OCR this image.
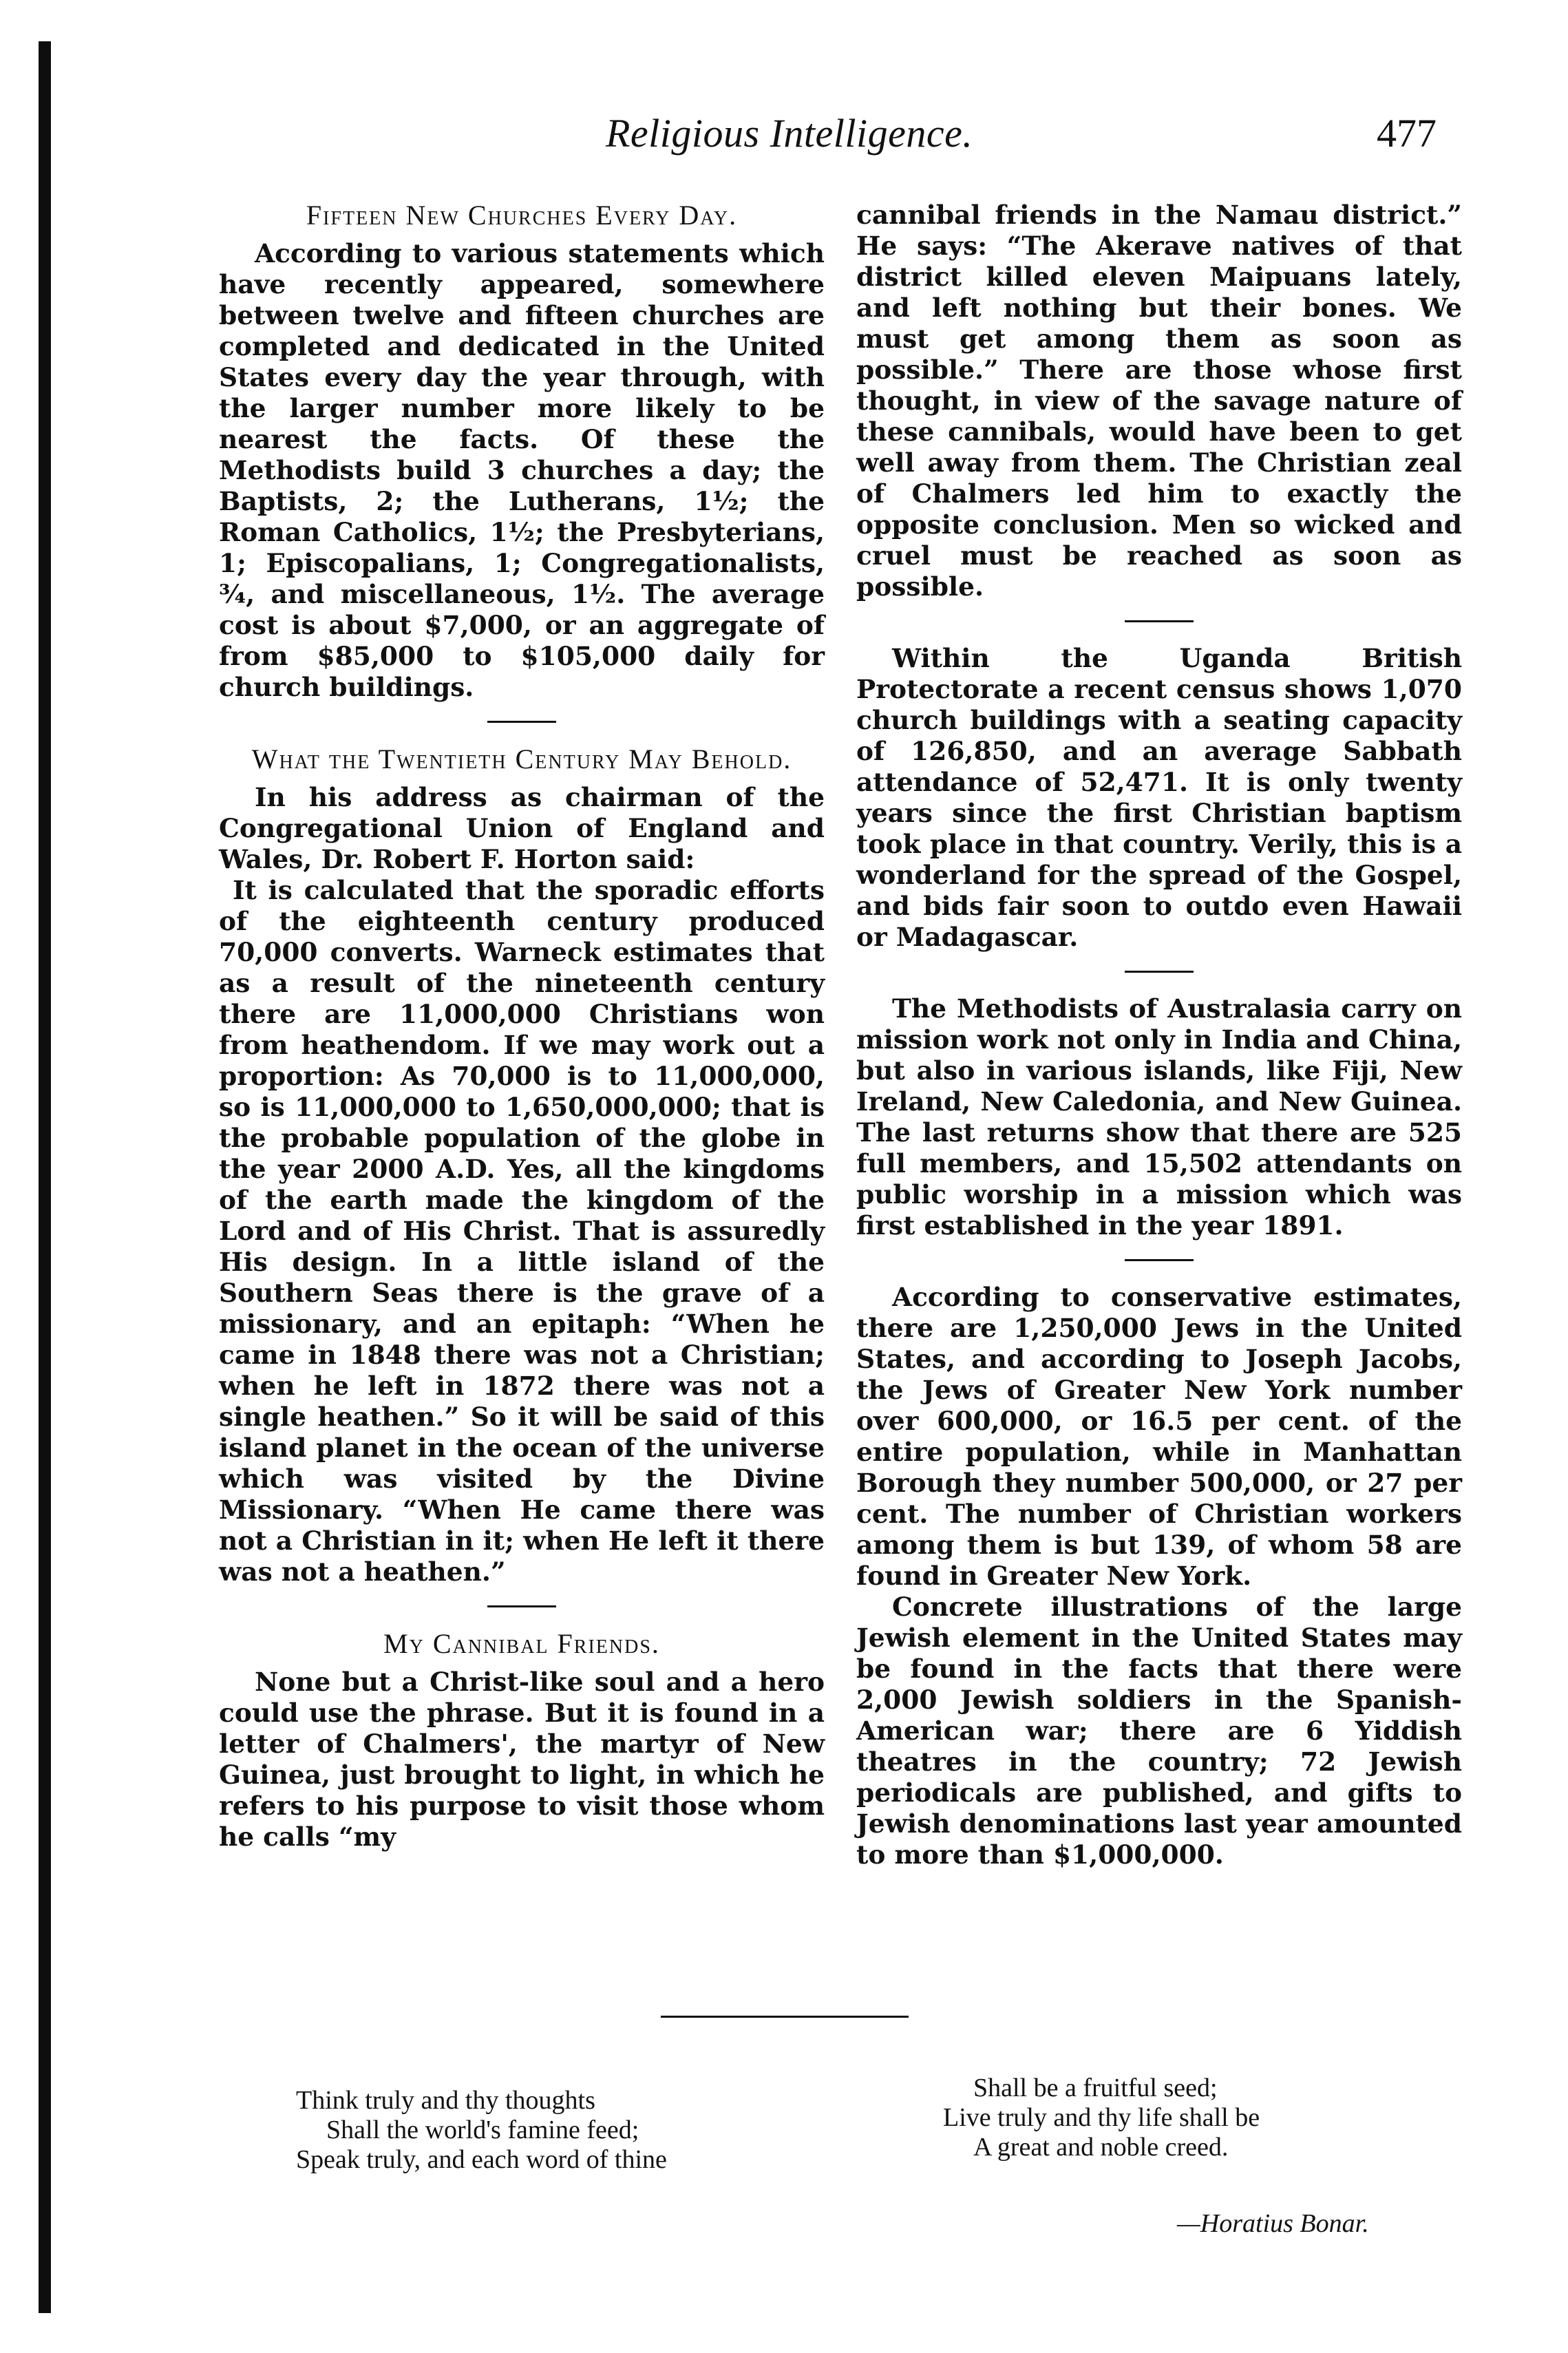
Religious Intelligence.	477
Fifteen New Churches Every Day.

According to various statements which have recently appeared, somewhere between twelve and fifteen churches are completed and dedicated in the United States every day the year through, with the larger number more likely to be nearest the facts. Of these the Methodists build 3 churches a day; the Baptists, 2; the Lutherans, 1½; the Roman Catholics, 1½; the Presbyterians, 1; Episcopalians, 1; Congregationalists, ¾, and miscellaneous, 1½. The average cost is about $7,000, or an aggregate of from $85,000 to $105,000 daily for church buildings.

What the Twentieth Century May Behold.

In his address as chairman of the Congregational Union of England and Wales, Dr. Robert F. Horton said:

It is calculated that the sporadic efforts of the eighteenth century produced 70,000 converts. Warneck estimates that as a result of the nineteenth century there are 11,000,000 Christians won from heathendom. If we may work out a proportion: As 70,000 is to 11,000,000, so is 11,000,000 to 1,650,000,000; that is the probable population of the globe in the year 2000 A.D. Yes, all the kingdoms of the earth made the kingdom of the Lord and of His Christ. That is assuredly His design. In a little island of the Southern Seas there is the grave of a missionary, and an epitaph: “When he came in 1848 there was not a Christian; when he left in 1872 there was not a single heathen.” So it will be said of this island planet in the ocean of the universe which was visited by the Divine Missionary. “When He came there was not a Christian in it; when He left it there was not a heathen.”

My Cannibal Friends.

None but a Christ-like soul and a hero could use the phrase. But it is found in a letter of Chalmers', the martyr of New Guinea, just brought to light, in which he refers to his purpose to visit those whom he calls “my

cannibal friends in the Namau district.” He says: “The Akerave natives of that district killed eleven Maipuans lately, and left nothing but their bones. We must get among them as soon as possible.” There are those whose first thought, in view of the savage nature of these cannibals, would have been to get well away from them. The Christian zeal of Chalmers led him to exactly the opposite conclusion. Men so wicked and cruel must be reached as soon as possible.

Within the Uganda British Protectorate a recent census shows 1,070 church buildings with a seating capacity of 126,850, and an average Sabbath attendance of 52,471. It is only twenty years since the first Christian baptism took place in that country. Verily, this is a wonderland for the spread of the Gospel, and bids fair soon to outdo even Hawaii or Madagascar.

The Methodists of Australasia carry on mission work not only in India and China, but also in various islands, like Fiji, New Ireland, New Caledonia, and New Guinea. The last returns show that there are 525 full members, and 15,502 attendants on public worship in a mission which was first established in the year 1891.

According to conservative estimates, there are 1,250,000 Jews in the United States, and according to Joseph Jacobs, the Jews of Greater New York number over 600,000, or 16.5 per cent. of the entire population, while in Manhattan Borough they number 500,000, or 27 per cent. The number of Christian workers among them is but 139, of whom 58 are found in Greater New York.

Concrete illustrations of the large Jewish element in the United States may be found in the facts that there were 2,000 Jewish soldiers in the Spanish-American war; there are 6 Yiddish theatres in the country; 72 Jewish periodicals are published, and gifts to Jewish denominations last year amounted to more than $1,000,000.

Think truly and thy thoughts
Shall the world's famine feed;
Speak truly, and each word of thine
Shall be a fruitful seed;
Live truly and thy life shall be
A great and noble creed.
—Horatius Bonar.
